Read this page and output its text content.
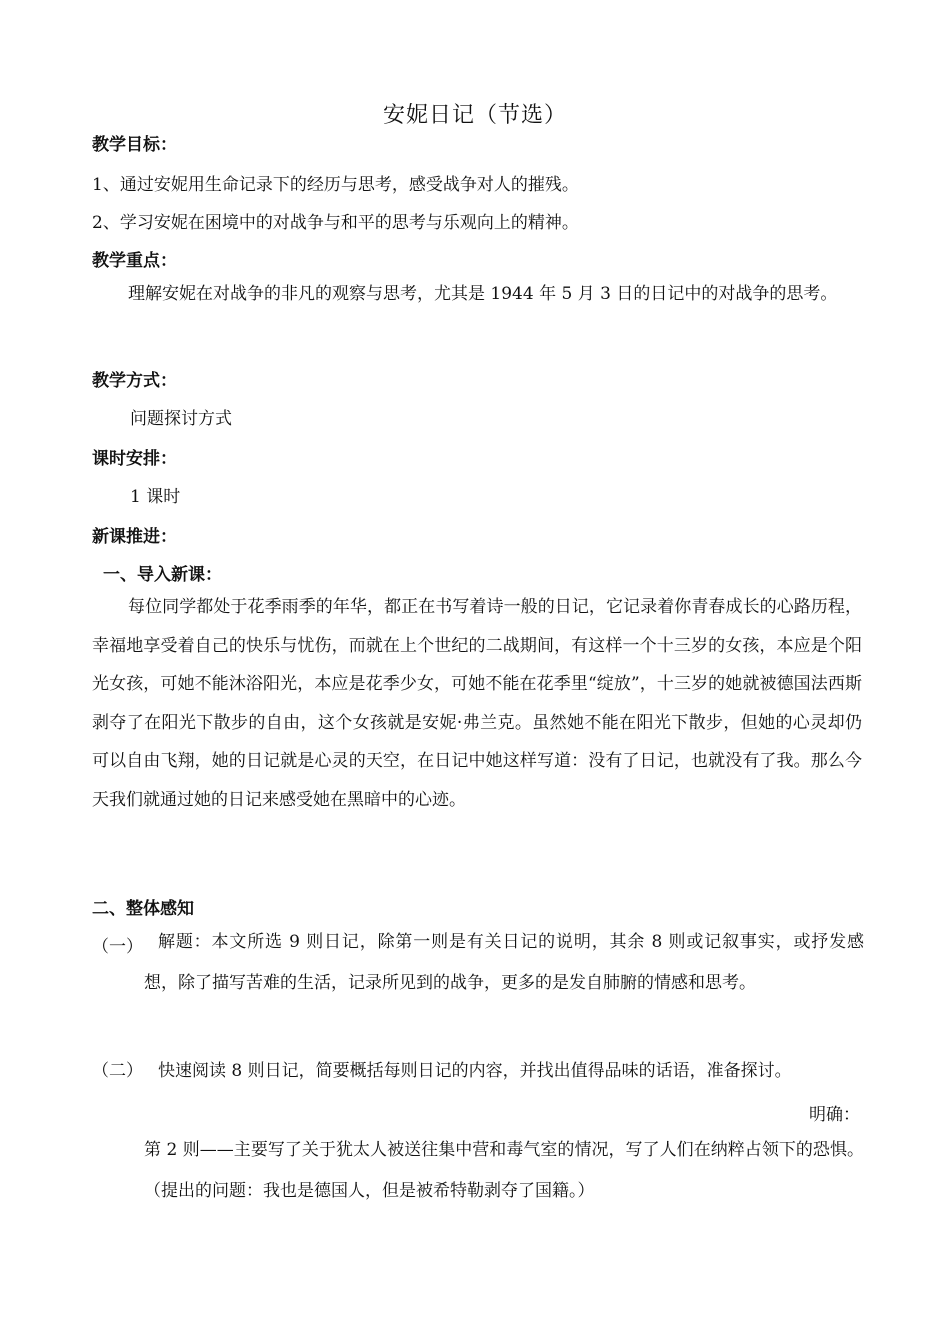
安妮日记（节选）
教学目标：
1、通过安妮用生命记录下的经历与思考，感受战争对人的摧残。
2、学习安妮在困境中的对战争与和平的思考与乐观向上的精神。
教学重点：

理解安妮在对战争的非凡的观察与思考，尤其是 1944 年 5 月 3 日的日记中的对战争的思考。

教学方式：
问题探讨方式
课时安排：
1 课时
新课推进：
一、导入新课：

每位同学都处于花季雨季的年华，都正在书写着诗一般的日记，它记录着你青春成长的心路历程，幸福地享受着自己的快乐与忧伤，而就在上个世纪的二战期间，有这样一个十三岁的女孩，本应是个阳光女孩，可她不能沐浴阳光，本应是花季少女，可她不能在花季里“绽放”，十三岁的她就被德国法西斯剥夺了在阳光下散步的自由，这个女孩就是安妮·弗兰克。虽然她不能在阳光下散步，但她的心灵却仍可以自由飞翔，她的日记就是心灵的天空，在日记中她这样写道：没有了日记，也就没有了我。那么今天我们就通过她的日记来感受她在黑暗中的心迹。

二、整体感知
（一） 解题：本文所选 9 则日记，除第一则是有关日记的说明，其余 8 则或记叙事实，或抒发感想，除了描写苦难的生活，记录所见到的战争，更多的是发自肺腑的情感和思考。

（二） 快速阅读 8 则日记，简要概括每则日记的内容，并找出值得品味的话语，准备探讨。
明确：

第 2 则——主要写了关于犹太人被送往集中营和毒气室的情况，写了人们在纳粹占领下的恐惧。（提出的问题：我也是德国人，但是被希特勒剥夺了国籍。）
